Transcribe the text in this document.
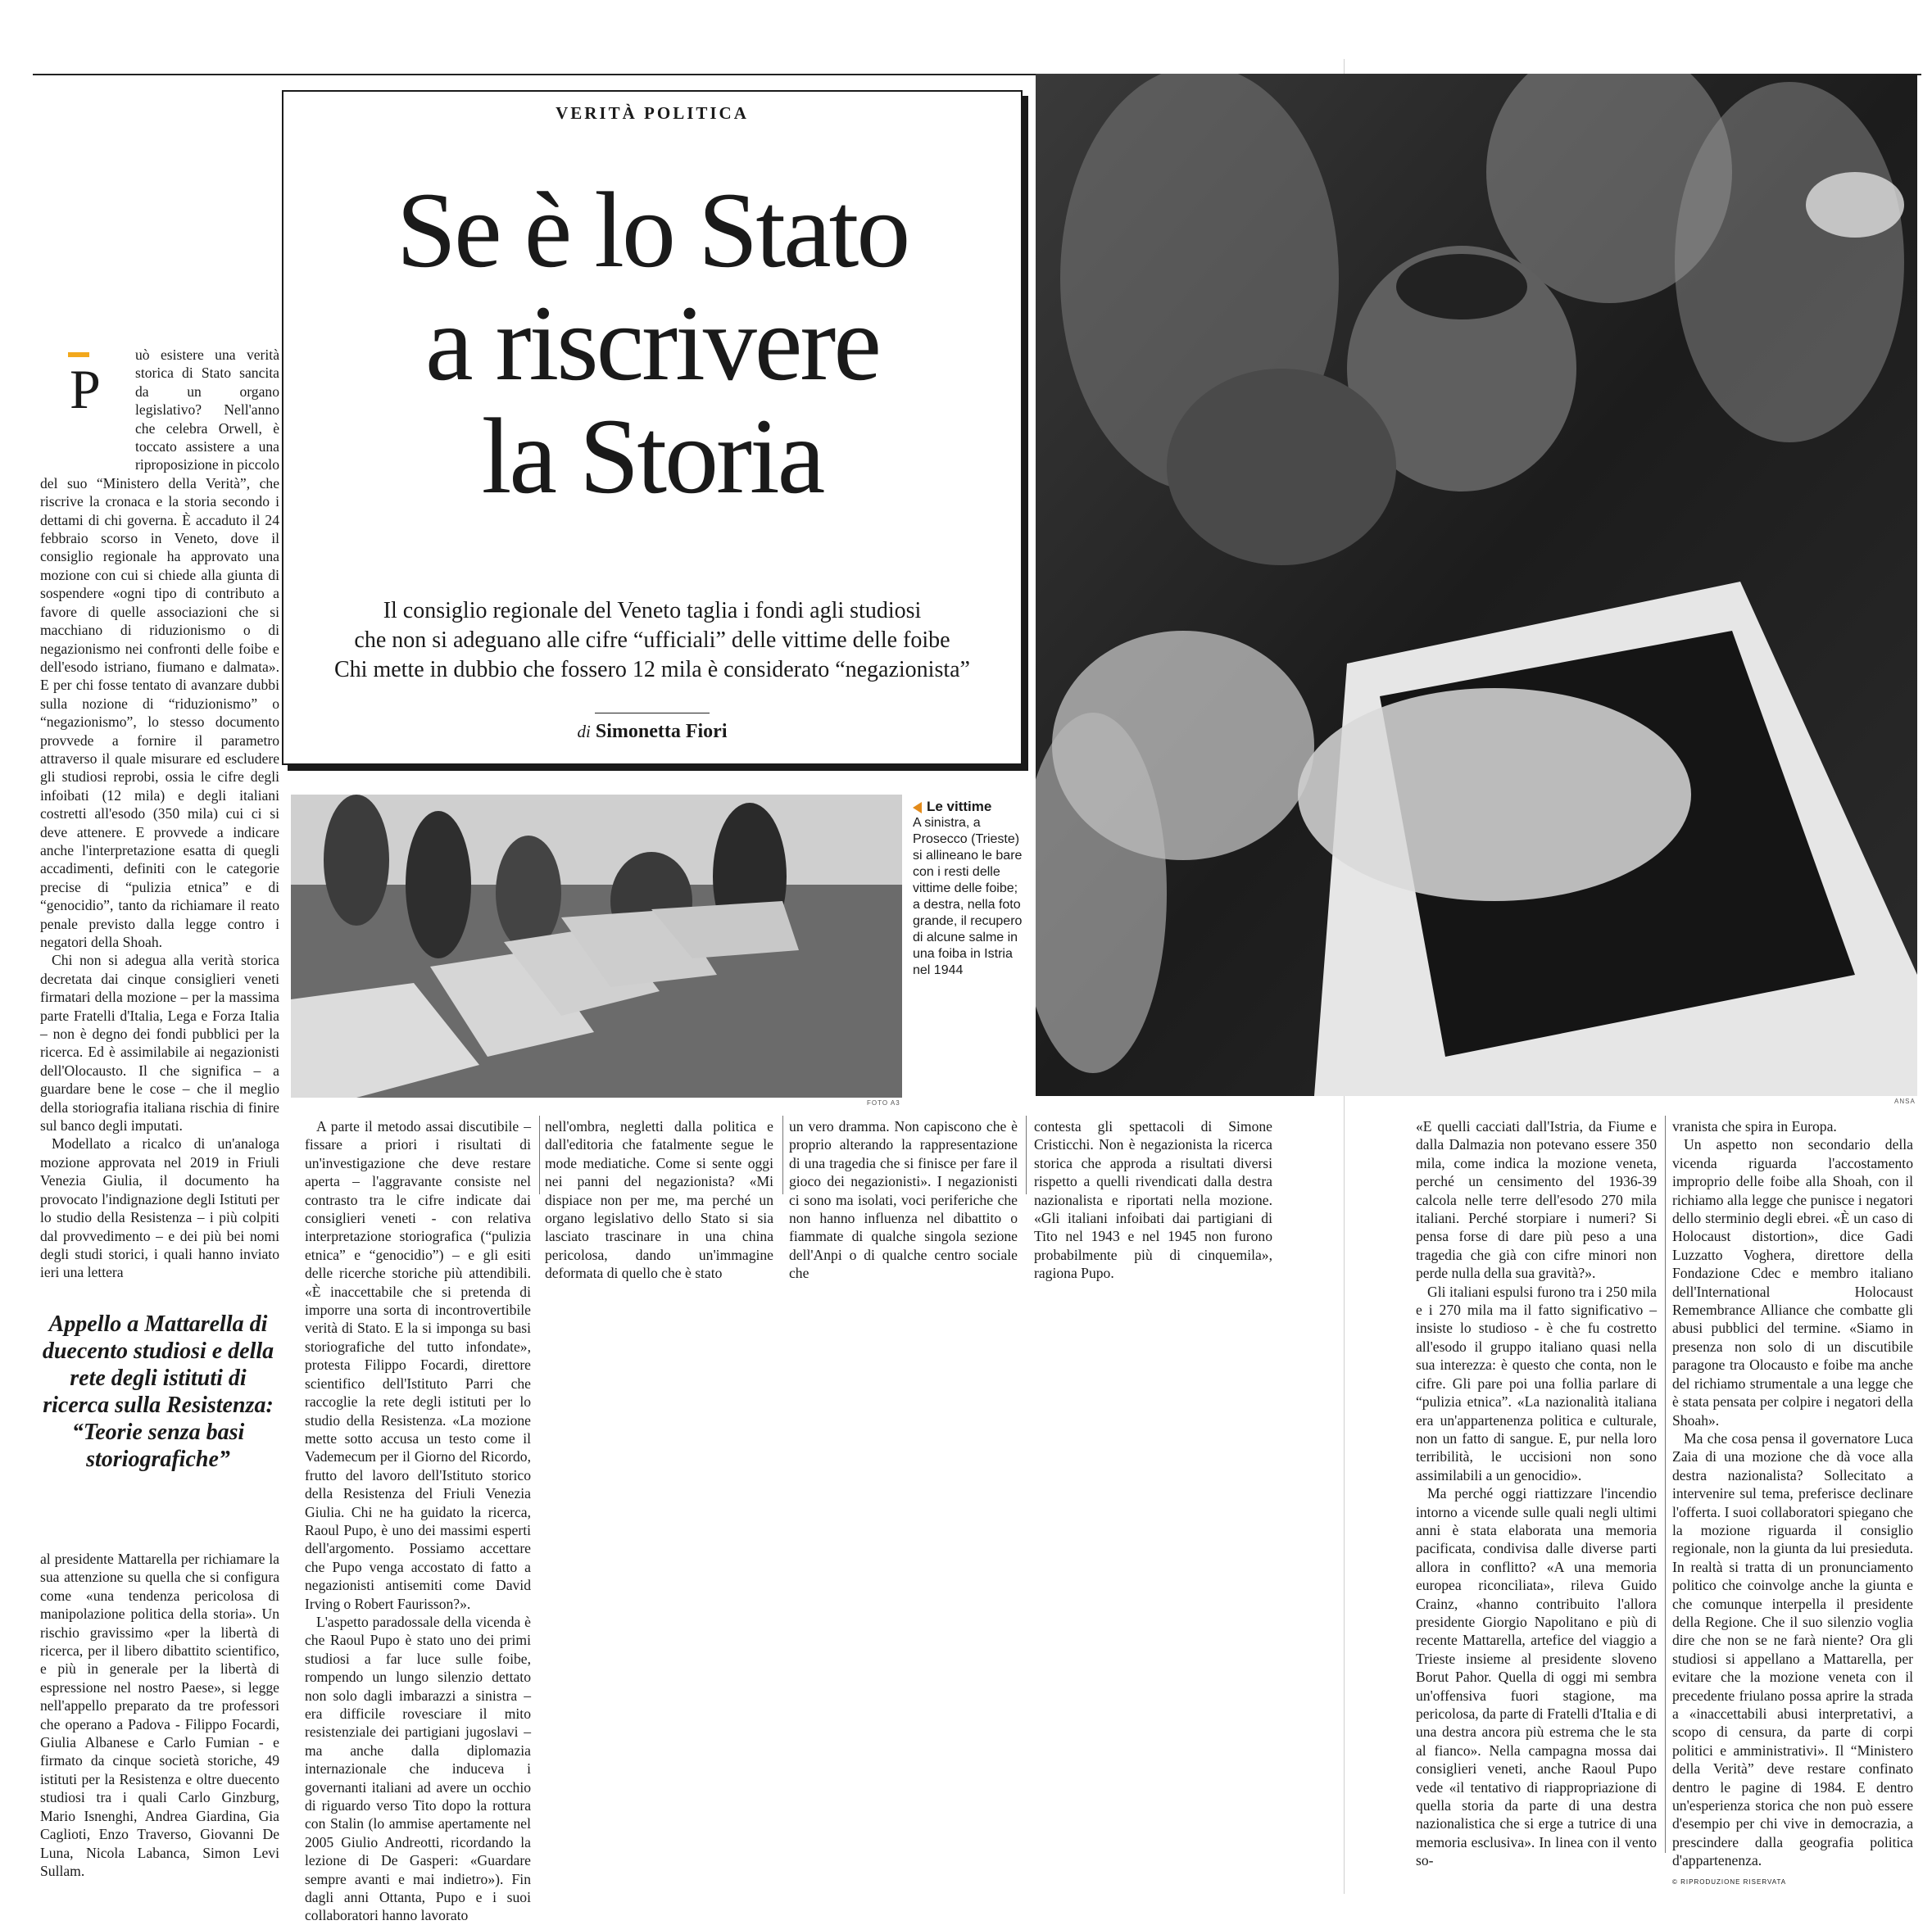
VERITÀ POLITICA
Se è lo Stato
a riscrivere
la Storia
Il consiglio regionale del Veneto taglia i fondi agli studiosi
che non si adeguano alle cifre “ufficiali” delle vittime delle foibe
Chi mette in dubbio che fossero 12 mila è considerato “negazionista”
di Simonetta Fiori
ANSA
FOTO A3
Le vittime
A sinistra, a Prosecco (Trieste) si allineano le bare con i resti delle vittime delle foibe; a destra, nella foto grande, il recupero di alcune salme in una foiba in Istria nel 1944
P

uò esistere una verità storica di Stato sancita da un organo legislativo? Nell'anno che celebra Orwell, è toccato assistere a una riproposizione in piccolo del suo “Ministero della Verità”, che riscrive la cronaca e la storia secondo i dettami di chi governa. È accaduto il 24 febbraio scorso in Veneto, dove il consiglio regionale ha approvato una mozione con cui si chiede alla giunta di sospendere «ogni tipo di contributo a favore di quelle associazioni che si macchiano di riduzionismo o di negazionismo nei confronti delle foibe e dell'esodo istriano, fiumano e dalmata». E per chi fosse tentato di avanzare dubbi sulla nozione di “riduzionismo” o “negazionismo”, lo stesso documento provvede a fornire il parametro attraverso il quale misurare ed escludere gli studiosi reprobi, ossia le cifre degli infoibati (12 mila) e degli italiani costretti all'esodo (350 mila) cui ci si deve attenere. E provvede a indicare anche l'interpretazione esatta di quegli accadimenti, definiti con le categorie precise di “pulizia etnica” e di “genocidio”, tanto da richiamare il reato penale previsto dalla legge contro i negatori della Shoah.

Chi non si adegua alla verità storica decretata dai cinque consiglieri veneti firmatari della mozione – per la massima parte Fratelli d'Italia, Lega e Forza Italia – non è degno dei fondi pubblici per la ricerca. Ed è assimilabile ai negazionisti dell'Olocausto. Il che significa – a guardare bene le cose – che il meglio della storiografia italiana rischia di finire sul banco degli imputati.

Modellato a ricalco di un'analoga mozione approvata nel 2019 in Friuli Venezia Giulia, il documento ha provocato l'indignazione degli Istituti per lo studio della Resistenza – i più colpiti dal provvedimento – e dei più bei nomi degli studi storici, i quali hanno inviato ieri una lettera

Appello a Mattarella di duecento studiosi e della rete degli istituti di ricerca sulla Resistenza: “Teorie senza basi storiografiche”

al presidente Mattarella per richiamare la sua attenzione su quella che si configura come «una tendenza pericolosa di manipolazione politica della storia». Un rischio gravissimo «per la libertà di ricerca, per il libero dibattito scientifico, e più in generale per la libertà di espressione nel nostro Paese», si legge nell'appello preparato da tre professori che operano a Padova - Filippo Focardi, Giulia Albanese e Carlo Fumian - e firmato da cinque società storiche, 49 istituti per la Resistenza e oltre duecento studiosi tra i quali Carlo Ginzburg, Mario Isnenghi, Andrea Giardina, Gia Caglioti, Enzo Traverso, Giovanni De Luna, Nicola Labanca, Simon Levi Sullam.

A parte il metodo assai discutibile – fissare a priori i risultati di un'investigazione che deve restare aperta – l'aggravante consiste nel contrasto tra le cifre indicate dai consiglieri veneti - con relativa interpretazione storiografica (“pulizia etnica” e “genocidio”) – e gli esiti delle ricerche storiche più attendibili. «È inaccettabile che si pretenda di imporre una sorta di incontrovertibile verità di Stato. E la si imponga su basi storiografiche del tutto infondate», protesta Filippo Focardi, direttore scientifico dell'Istituto Parri che raccoglie la rete degli istituti per lo studio della Resistenza. «La mozione mette sotto accusa un testo come il Vademecum per il Giorno del Ricordo, frutto del lavoro dell'Istituto storico della Resistenza del Friuli Venezia Giulia. Chi ne ha guidato la ricerca, Raoul Pupo, è uno dei massimi esperti dell'argomento. Possiamo accettare che Pupo venga accostato di fatto a negazionisti antisemiti come David Irving o Robert Faurisson?».

L'aspetto paradossale della vicenda è che Raoul Pupo è stato uno dei primi studiosi a far luce sulle foibe, rompendo un lungo silenzio dettato non solo dagli imbarazzi a sinistra – era difficile rovesciare il mito resistenziale dei partigiani jugoslavi – ma anche dalla diplomazia internazionale che induceva i governanti italiani ad avere un occhio di riguardo verso Tito dopo la rottura con Stalin (lo ammise apertamente nel 2005 Giulio Andreotti, ricordando la lezione di De Gasperi: «Guardare sempre avanti e mai indietro»). Fin dagli anni Ottanta, Pupo e i suoi collaboratori hanno lavorato

nell'ombra, negletti dalla politica e dall'editoria che fatalmente segue le mode mediatiche. Come si sente oggi nei panni del negazionista? «Mi dispiace non per me, ma perché un organo legislativo dello Stato si sia lasciato trascinare in una china pericolosa, dando un'immagine deformata di quello che è stato

un vero dramma. Non capiscono che è proprio alterando la rappresentazione di una tragedia che si finisce per fare il gioco dei negazionisti». I negazionisti ci sono ma isolati, voci periferiche che non hanno influenza nel dibattito o fiammate di qualche singola sezione dell'Anpi o di qualche centro sociale che

contesta gli spettacoli di Simone Cristicchi. Non è negazionista la ricerca storica che approda a risultati diversi rispetto a quelli rivendicati dalla destra nazionalista e riportati nella mozione. «Gli italiani infoibati dai partigiani di Tito nel 1943 e nel 1945 non furono probabilmente più di cinquemila», ragiona Pupo.

«E quelli cacciati dall'Istria, da Fiume e dalla Dalmazia non potevano essere 350 mila, come indica la mozione veneta, perché un censimento del 1936-39 calcola nelle terre dell'esodo 270 mila italiani. Perché storpiare i numeri? Si pensa forse di dare più peso a una tragedia che già con cifre minori non perde nulla della sua gravità?».

Gli italiani espulsi furono tra i 250 mila e i 270 mila ma il fatto significativo – insiste lo studioso - è che fu costretto all'esodo il gruppo italiano quasi nella sua interezza: è questo che conta, non le cifre. Gli pare poi una follia parlare di “pulizia etnica”. «La nazionalità italiana era un'appartenenza politica e culturale, non un fatto di sangue. E, pur nella loro terribilità, le uccisioni non sono assimilabili a un genocidio».

Ma perché oggi riattizzare l'incendio intorno a vicende sulle quali negli ultimi anni è stata elaborata una memoria pacificata, condivisa dalle diverse parti allora in conflitto? «A una memoria europea riconciliata», rileva Guido Crainz, «hanno contribuito l'allora presidente Giorgio Napolitano e più di recente Mattarella, artefice del viaggio a Trieste insieme al presidente sloveno Borut Pahor. Quella di oggi mi sembra un'offensiva fuori stagione, ma pericolosa, da parte di Fratelli d'Italia e di una destra ancora più estrema che le sta al fianco». Nella campagna mossa dai consiglieri veneti, anche Raoul Pupo vede «il tentativo di riappropriazione di quella storia da parte di una destra nazionalistica che si erge a tutrice di una memoria esclusiva». In linea con il vento so-

vranista che spira in Europa.

Un aspetto non secondario della vicenda riguarda l'accostamento improprio delle foibe alla Shoah, con il richiamo alla legge che punisce i negatori dello sterminio degli ebrei. «È un caso di Holocaust distortion», dice Gadi Luzzatto Voghera, direttore della Fondazione Cdec e membro italiano dell'International Holocaust Remembrance Alliance che combatte gli abusi pubblici del termine. «Siamo in presenza non solo di un discutibile paragone tra Olocausto e foibe ma anche del richiamo strumentale a una legge che è stata pensata per colpire i negatori della Shoah».

Ma che cosa pensa il governatore Luca Zaia di una mozione che dà voce alla destra nazionalista? Sollecitato a intervenire sul tema, preferisce declinare l'offerta. I suoi collaboratori spiegano che la mozione riguarda il consiglio regionale, non la giunta da lui presieduta. In realtà si tratta di un pronunciamento politico che coinvolge anche la giunta e che comunque interpella il presidente della Regione. Che il suo silenzio voglia dire che non se ne farà niente? Ora gli studiosi si appellano a Mattarella, per evitare che la mozione veneta con il precedente friulano possa aprire la strada a «inaccettabili abusi interpretativi, a scopo di censura, da parte di corpi politici e amministrativi». Il “Ministero della Verità” deve restare confinato dentro le pagine di 1984. E dentro un'esperienza storica che non può essere d'esempio per chi vive in democrazia, a prescindere dalla geografia politica d'appartenenza.

© RIPRODUZIONE RISERVATA
